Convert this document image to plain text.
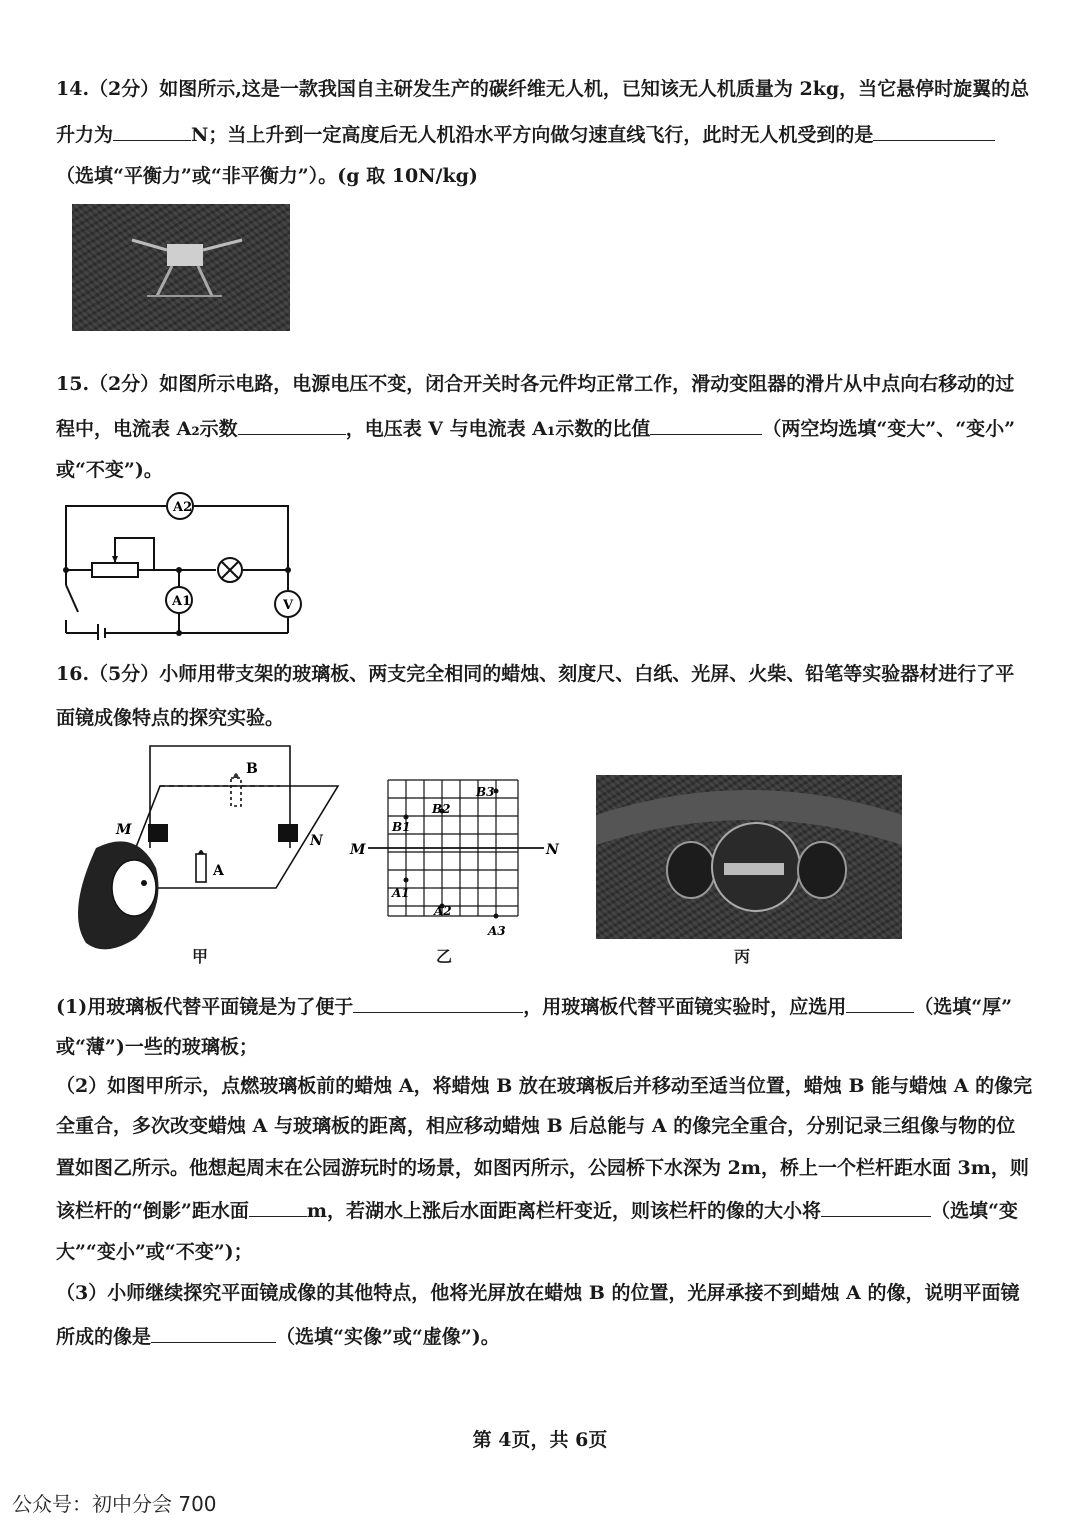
14.（2分）如图所示,这是一款我国自主研发生产的碳纤维无人机，已知该无人机质量为 2kg，当它悬停时旋翼的总
升力为	N；当上升到一定高度后无人机沿水平方向做匀速直线飞行，此时无人机受到的是
（选填“平衡力”或“非平衡力”）。(g 取 10N/kg)
15.（2分）如图所示电路，电源电压不变，闭合开关时各元件均正常工作，滑动变阻器的滑片从中点向右移动的过
程中，电流表 A₂示数	，电压表 V 与电流表 A₁示数的比值	（两空均选填“变大”、“变小”
或“不变”)。
A2
A1	V
16.（5分）小师用带支架的玻璃板、两支完全相同的蜡烛、刻度尺、白纸、光屏、火柴、铅笔等实验器材进行了平
面镜成像特点的探究实验。
M
N
A
B
甲
M	N
B1
B2
B3
A1
A2
A3
乙	丙
(1)用玻璃板代替平面镜是为了便于	，用玻璃板代替平面镜实验时，应选用	（选填“厚”
或“薄”)一些的玻璃板；
（2）如图甲所示，点燃玻璃板前的蜡烛 A，将蜡烛 B 放在玻璃板后并移动至适当位置，蜡烛 B 能与蜡烛 A 的像完
全重合，多次改变蜡烛 A 与玻璃板的距离，相应移动蜡烛 B 后总能与 A 的像完全重合，分别记录三组像与物的位
置如图乙所示。他想起周末在公园游玩时的场景，如图丙所示，公园桥下水深为 2m，桥上一个栏杆距水面 3m，则
该栏杆的“倒影”距水面	m，若湖水上涨后水面距离栏杆变近，则该栏杆的像的大小将	（选填“变
大”“变小”或“不变”)；
（3）小师继续探究平面镜成像的其他特点，他将光屏放在蜡烛 B 的位置，光屏承接不到蜡烛 A 的像，说明平面镜
所成的像是	（选填“实像”或“虚像”)。
第 4页，共 6页
公众号：初中分会 700
